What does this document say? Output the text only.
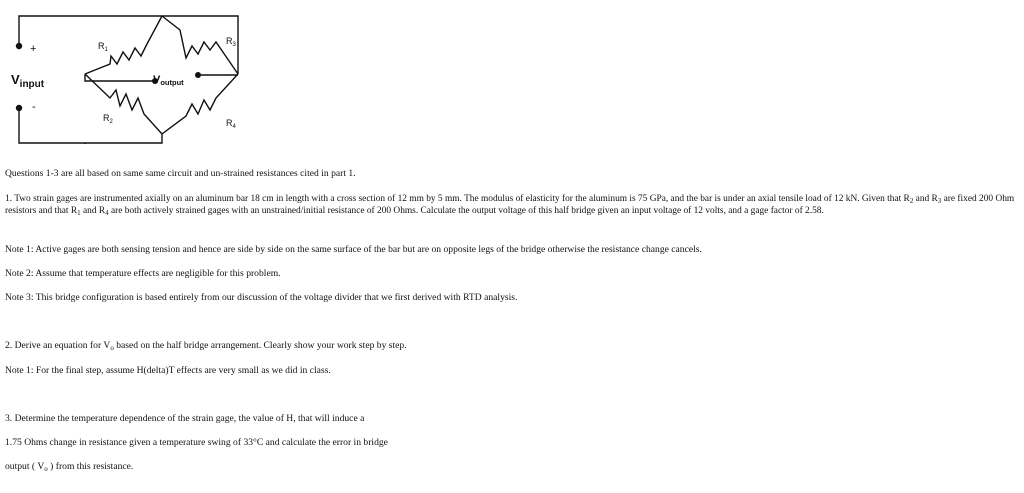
+
-
Vinput	Voutput
R1
R3
R2	R4
Questions 1-3 are all based on same same circuit and un-strained resistances cited in part 1.
1. Two strain gages are instrumented axially on an aluminum bar 18 cm in length with a cross section of 12 mm by 5 mm. The modulus of elasticity for the aluminum is 75 GPa, and the bar is under an axial tensile load of 12 kN. Given that $R_2$ and $R_3$ are fixed 200 Ohm resistors and that $R_1$ and $R_4$ are both actively strained gages with an unstrained/initial resistance of 200 Ohms. Calculate the output voltage of this half bridge given an input voltage of 12 volts, and a gage factor of 2.58.
Note 1: Active gages are both sensing tension and hence are side by side on the same surface of the bar but are on opposite legs of the bridge otherwise the resistance change cancels.
Note 2: Assume that temperature effects are negligible for this problem.
Note 3: This bridge configuration is based entirely from our discussion of the voltage divider that we first derived with RTD analysis.
2. Derive an equation for $V_o$ based on the half bridge arrangement. Clearly show your work step by step.
Note 1: For the final step, assume H(delta)T effects are very small as we did in class.
3. Determine the temperature dependence of the strain gage, the value of H, that will induce a
1.75 Ohms change in resistance given a temperature swing of 33°C and calculate the error in bridge
output ( $V_o$ ) from this resistance.
